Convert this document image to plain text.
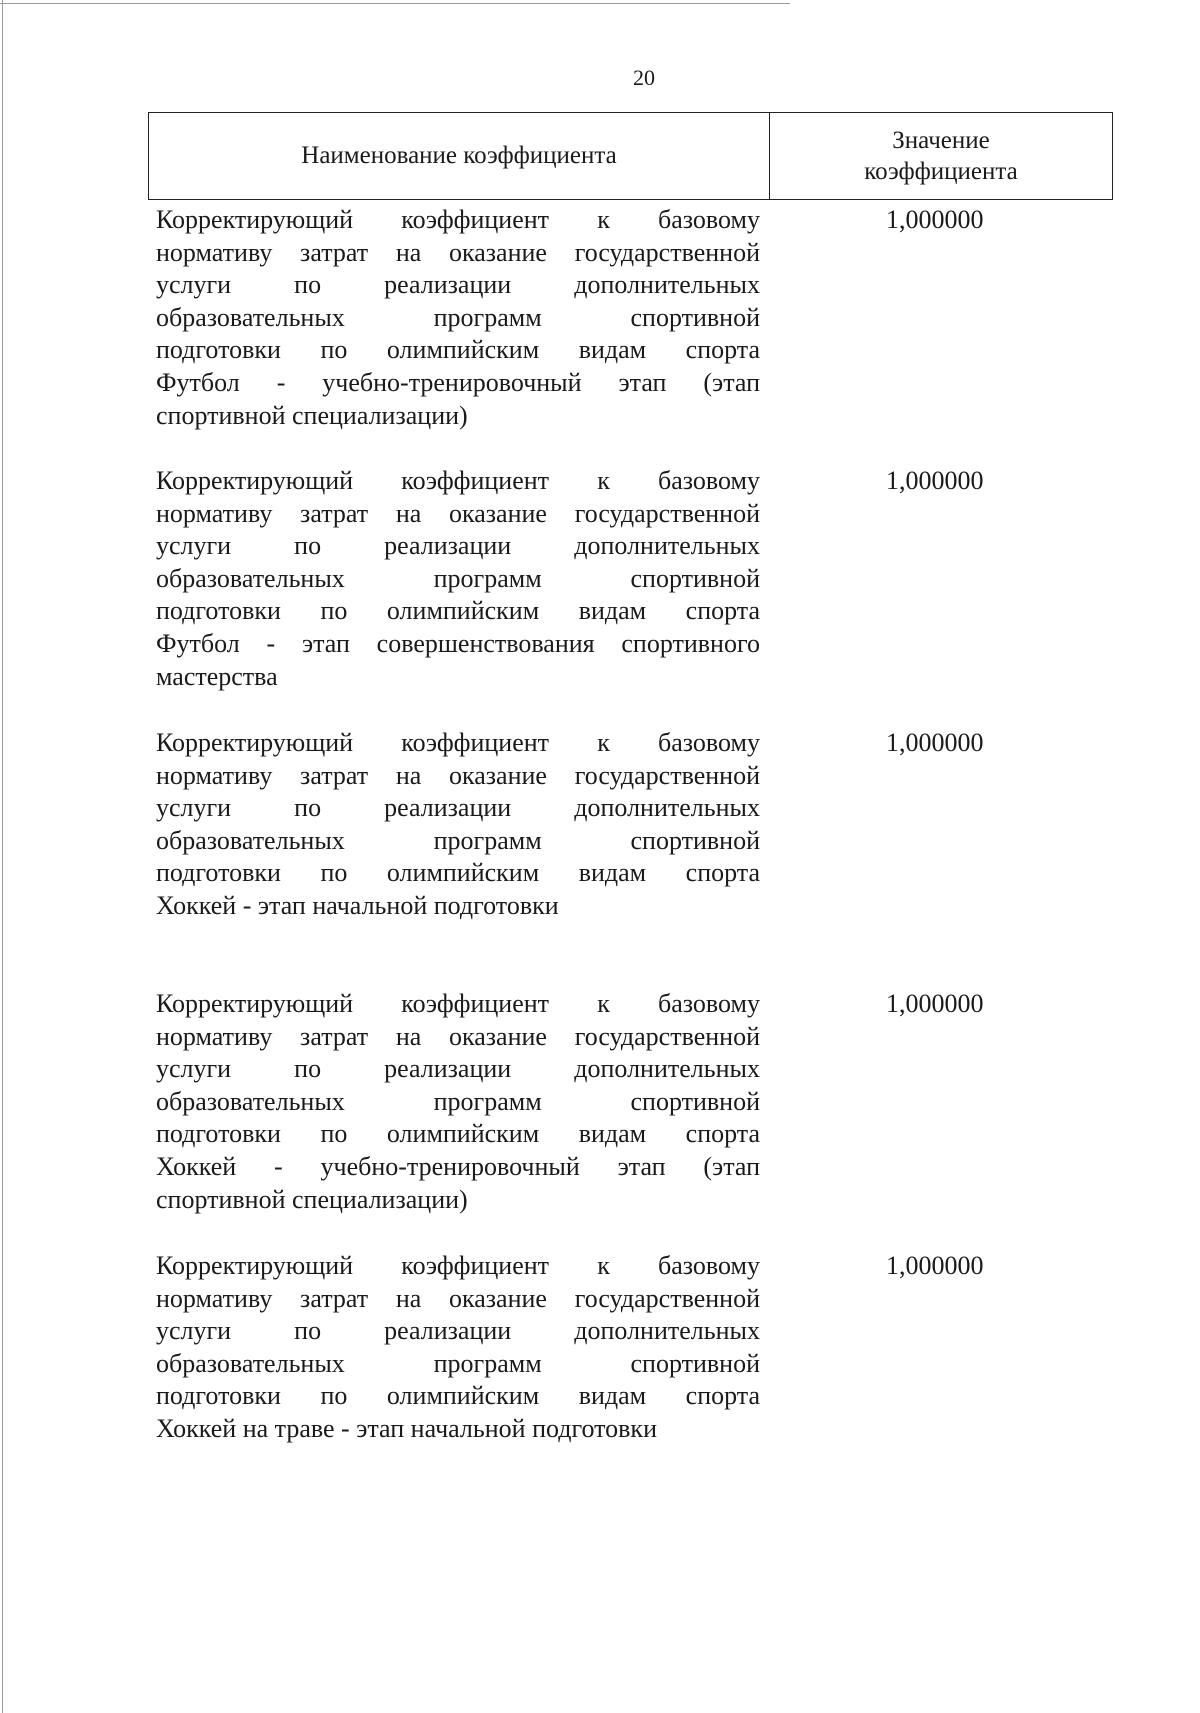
20
Наименование коэффициента
Значение
коэффициента
Корректирующий коэффициент к базовому
нормативу затрат на оказание государственной
услуги по реализации дополнительных
образовательных программ спортивной
подготовки по олимпийским видам спорта
Футбол - учебно-тренировочный этап (этап
спортивной специализации)
1,000000
Корректирующий коэффициент к базовому
нормативу затрат на оказание государственной
услуги по реализации дополнительных
образовательных программ спортивной
подготовки по олимпийским видам спорта
Футбол - этап совершенствования спортивного
мастерства
1,000000
Корректирующий коэффициент к базовому
нормативу затрат на оказание государственной
услуги по реализации дополнительных
образовательных программ спортивной
подготовки по олимпийским видам спорта
Хоккей - этап начальной подготовки
1,000000
Корректирующий коэффициент к базовому
нормативу затрат на оказание государственной
услуги по реализации дополнительных
образовательных программ спортивной
подготовки по олимпийским видам спорта
Хоккей - учебно-тренировочный этап (этап
спортивной специализации)
1,000000
Корректирующий коэффициент к базовому
нормативу затрат на оказание государственной
услуги по реализации дополнительных
образовательных программ спортивной
подготовки по олимпийским видам спорта
Хоккей на траве - этап начальной подготовки
1,000000
